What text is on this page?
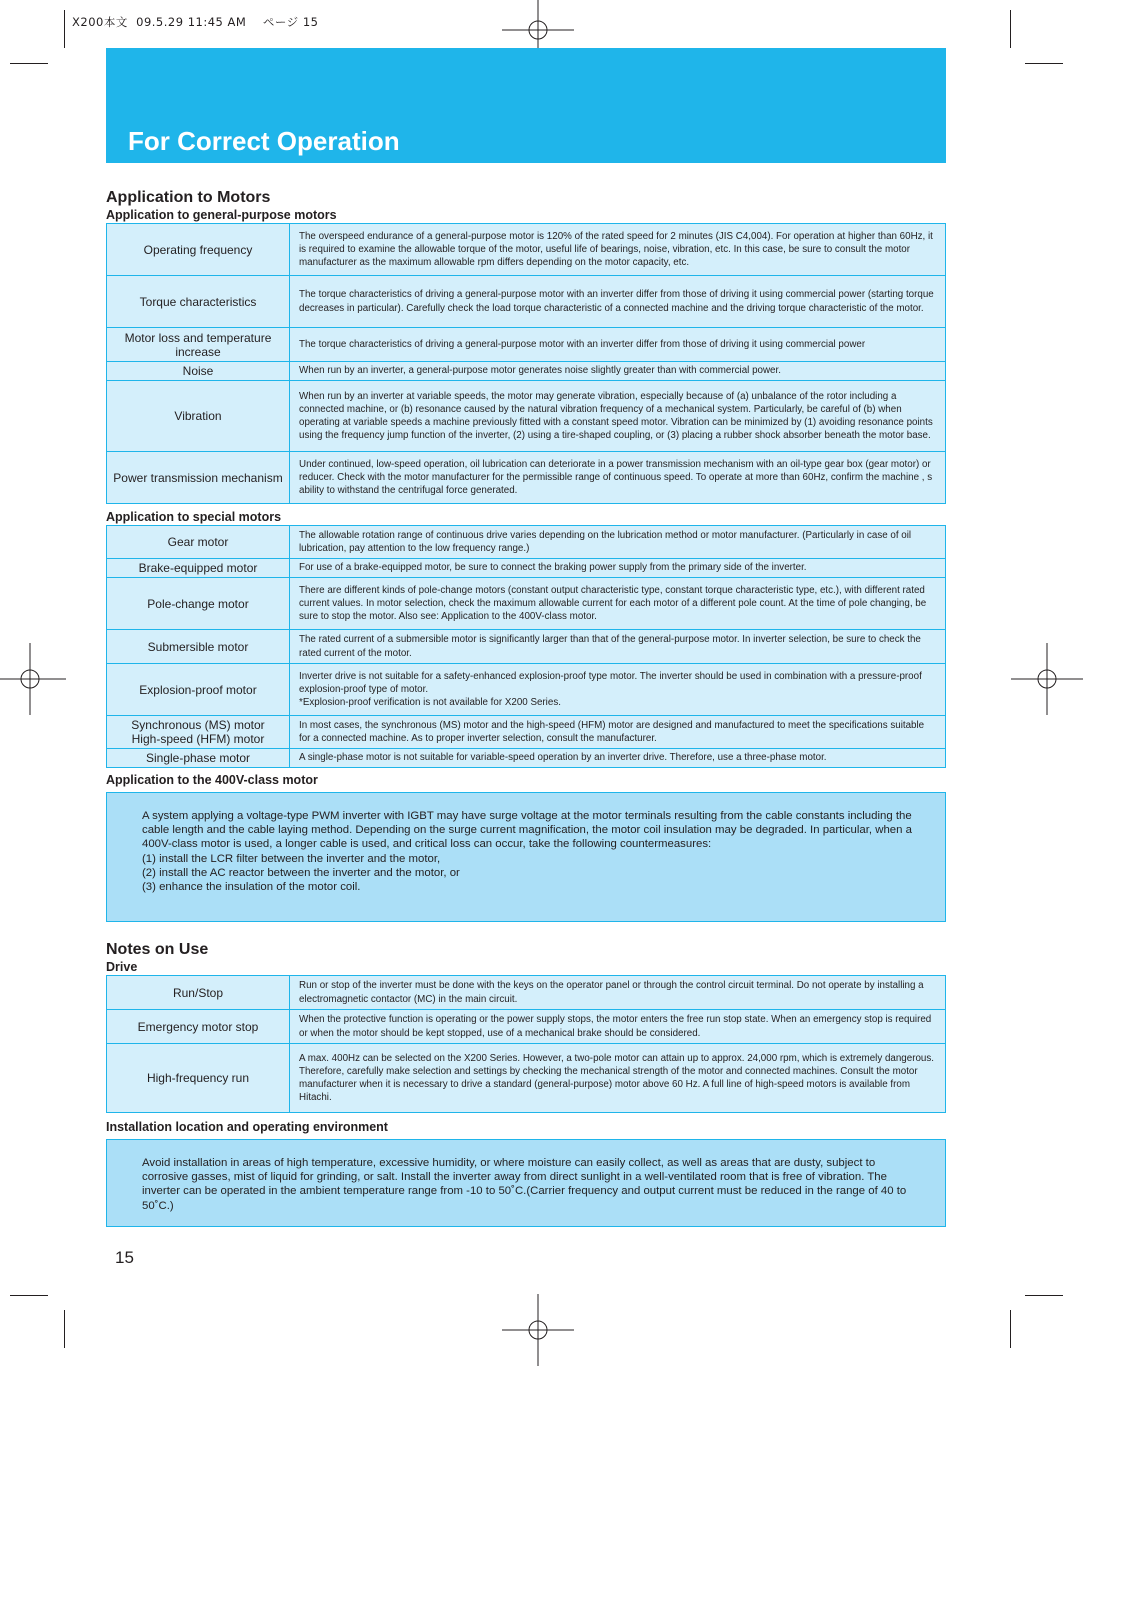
X200本文  09.5.29 11:45 AM    ページ 15
For Correct Operation
Application to Motors
Application to general-purpose motors
Operating frequency	The overspeed endurance of a general-purpose motor is 120% of the rated speed for 2 minutes (JIS C4,004). For operation at higher than 60Hz, it is required to examine the allowable torque of the motor, useful life of bearings, noise, vibration, etc. In this case, be sure to consult the motor manufacturer as the maximum allowable rpm differs depending on the motor capacity, etc.
Torque characteristics	The torque characteristics of driving a general-purpose motor with an inverter differ from those of driving it using commercial power (starting torque decreases in particular). Carefully check the load torque characteristic of a connected machine and the driving torque characteristic of the motor.
Motor loss and temperature increase	The torque characteristics of driving a general-purpose motor with an inverter differ from those of driving it using commercial power
Noise	When run by an inverter, a general-purpose motor generates noise slightly greater than with commercial power.
Vibration	When run by an inverter at variable speeds, the motor may generate vibration, especially because of (a) unbalance of the rotor including a connected machine, or (b) resonance caused by the natural vibration frequency of a mechanical system. Particularly, be careful of (b) when operating at variable speeds a machine previously fitted with a constant speed motor. Vibration can be minimized by (1) avoiding resonance points using the frequency jump function of the inverter, (2) using a tire-shaped coupling, or (3) placing a rubber shock absorber beneath the motor base.
Power transmission mechanism	Under continued, low-speed operation, oil lubrication can deteriorate in a power transmission mechanism with an oil-type gear box (gear motor) or reducer. Check with the motor manufacturer for the permissible range of continuous speed. To operate at more than 60Hz, confirm the machine , s ability to withstand the centrifugal force generated.
Application to special motors
Gear motor	The allowable rotation range of continuous drive varies depending on the lubrication method or motor manufacturer. (Particularly in case of oil lubrication, pay attention to the low frequency range.)
Brake-equipped motor	For use of a brake-equipped motor, be sure to connect the braking power supply from the primary side of the inverter.
Pole-change motor	There are different kinds of pole-change motors (constant output characteristic type, constant torque characteristic type, etc.), with different rated current values. In motor selection, check the maximum allowable current for each motor of a different pole count. At the time of pole changing, be sure to stop the motor. Also see: Application to the 400V-class motor.
Submersible motor	The rated current of a submersible motor is significantly larger than that of the general-purpose motor. In inverter selection, be sure to check the rated current of the motor.
Explosion-proof motor	Inverter drive is not suitable for a safety-enhanced explosion-proof type motor. The inverter should be used in combination with a pressure-proof explosion-proof type of motor.
*Explosion-proof verification is not available for X200 Series.

Synchronous (MS) motor
High-speed (HFM) motor	In most cases, the synchronous (MS) motor and the high-speed (HFM) motor are designed and manufactured to meet the specifications suitable for a connected machine. As to proper inverter selection, consult the manufacturer.
Single-phase motor	A single-phase motor is not suitable for variable-speed operation by an inverter drive. Therefore, use a three-phase motor.
Application to the 400V-class motor

A system applying a voltage-type PWM inverter with IGBT may have surge voltage at the motor terminals resulting from the cable constants including the cable length and the cable laying method. Depending on the surge current magnification, the motor coil insulation may be degraded. In particular, when a 400V-class motor is used, a longer cable is used, and critical loss can occur, take the following countermeasures:

(1) install the LCR filter between the inverter and the motor,

(2) install the AC reactor between the inverter and the motor, or

(3) enhance the insulation of the motor coil.

Notes on Use
Drive
Run/Stop	Run or stop of the inverter must be done with the keys on the operator panel or through the control circuit terminal. Do not operate by installing a electromagnetic contactor (MC) in the main circuit.
Emergency motor stop	When the protective function is operating or the power supply stops, the motor enters the free run stop state. When an emergency stop is required or when the motor should be kept stopped, use of a mechanical brake should be considered.
High-frequency run	A max. 400Hz can be selected on the X200 Series. However, a two-pole motor can attain up to approx. 24,000 rpm, which is extremely dangerous. Therefore, carefully make selection and settings by checking the mechanical strength of the motor and connected machines. Consult the motor manufacturer when it is necessary to drive a standard (general-purpose) motor above 60 Hz. A full line of high-speed motors is available from Hitachi.
Installation location and operating environment

Avoid installation in areas of high temperature, excessive humidity, or where moisture can easily collect, as well as areas that are dusty, subject to corrosive gasses, mist of liquid for grinding, or salt. Install the inverter away from direct sunlight in a well-ventilated room that is free of vibration. The inverter can be operated in the ambient temperature range from -10 to 50˚C.(Carrier frequency and output current must be reduced in the range of 40 to 50˚C.)

15
